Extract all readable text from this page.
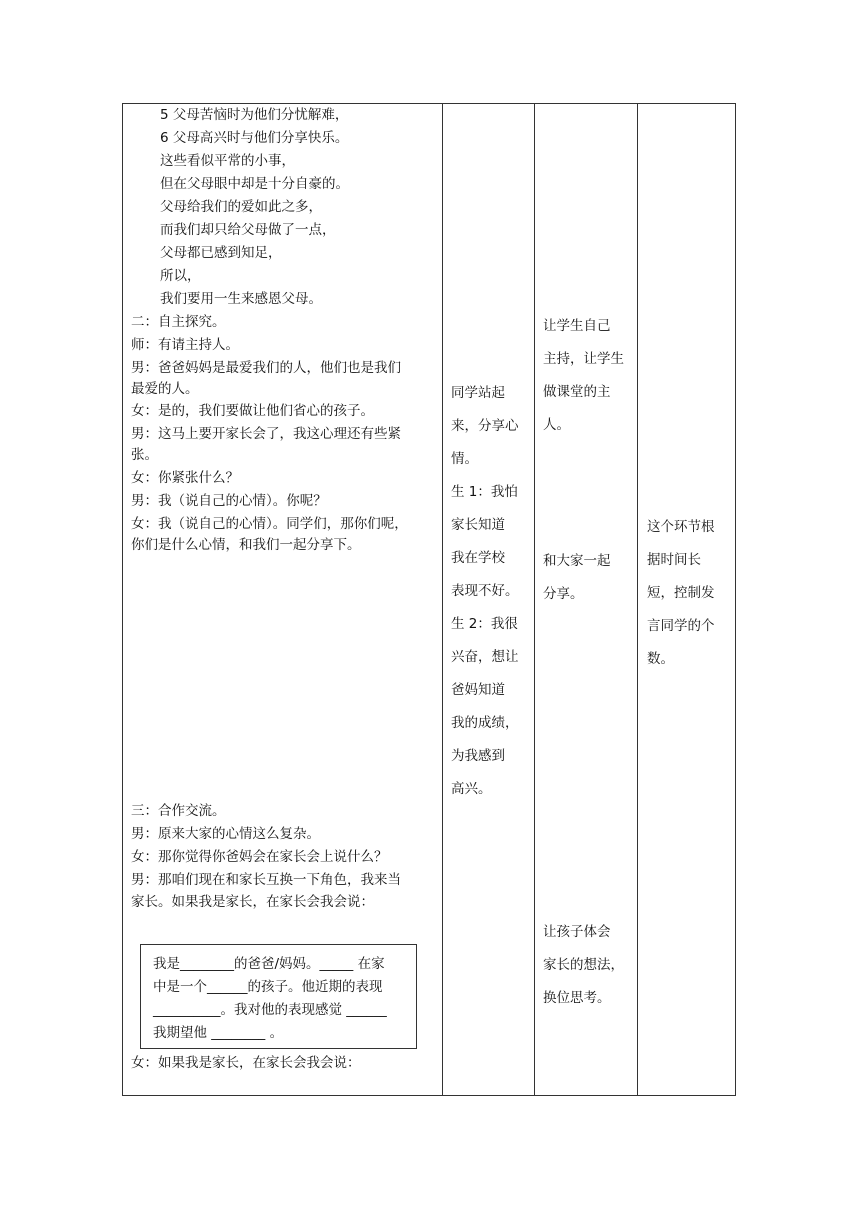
我是________的爸爸/妈妈。_____ 在家
中是一个______的孩子。他近期的表现
__________。我对他的表现感觉 ______
我期望他 ________ 。
5 父母苦恼时为他们分忧解难，
6 父母高兴时与他们分享快乐。
这些看似平常的小事，
但在父母眼中却是十分自豪的。
父母给我们的爱如此之多，
而我们却只给父母做了一点，
父母都已感到知足，
所以，
我们要用一生来感恩父母。
二：自主探究。
师：有请主持人。
男：爸爸妈妈是最爱我们的人，他们也是我们
最爱的人。
女：是的，我们要做让他们省心的孩子。
男：这马上要开家长会了，我这心理还有些紧
张。
女：你紧张什么？
男：我（说自己的心情）。你呢？
女：我（说自己的心情）。同学们，那你们呢，
你们是什么心情，和我们一起分享下。
三：合作交流。
男：原来大家的心情这么复杂。
女：那你觉得你爸妈会在家长会上说什么？
男：那咱们现在和家长互换一下角色，我来当
家长。如果我是家长，在家长会我会说：
女：如果我是家长，在家长会我会说：
同学站起
来，分享心
情。
生 1：我怕
家长知道
我在学校
表现不好。
生 2：我很
兴奋，想让
爸妈知道
我的成绩，
为我感到
高兴。
让学生自己
主持，让学生
做课堂的主
人。
和大家一起
分享。
让孩子体会
家长的想法，
换位思考。
这个环节根
据时间长
短，控制发
言同学的个
数。
